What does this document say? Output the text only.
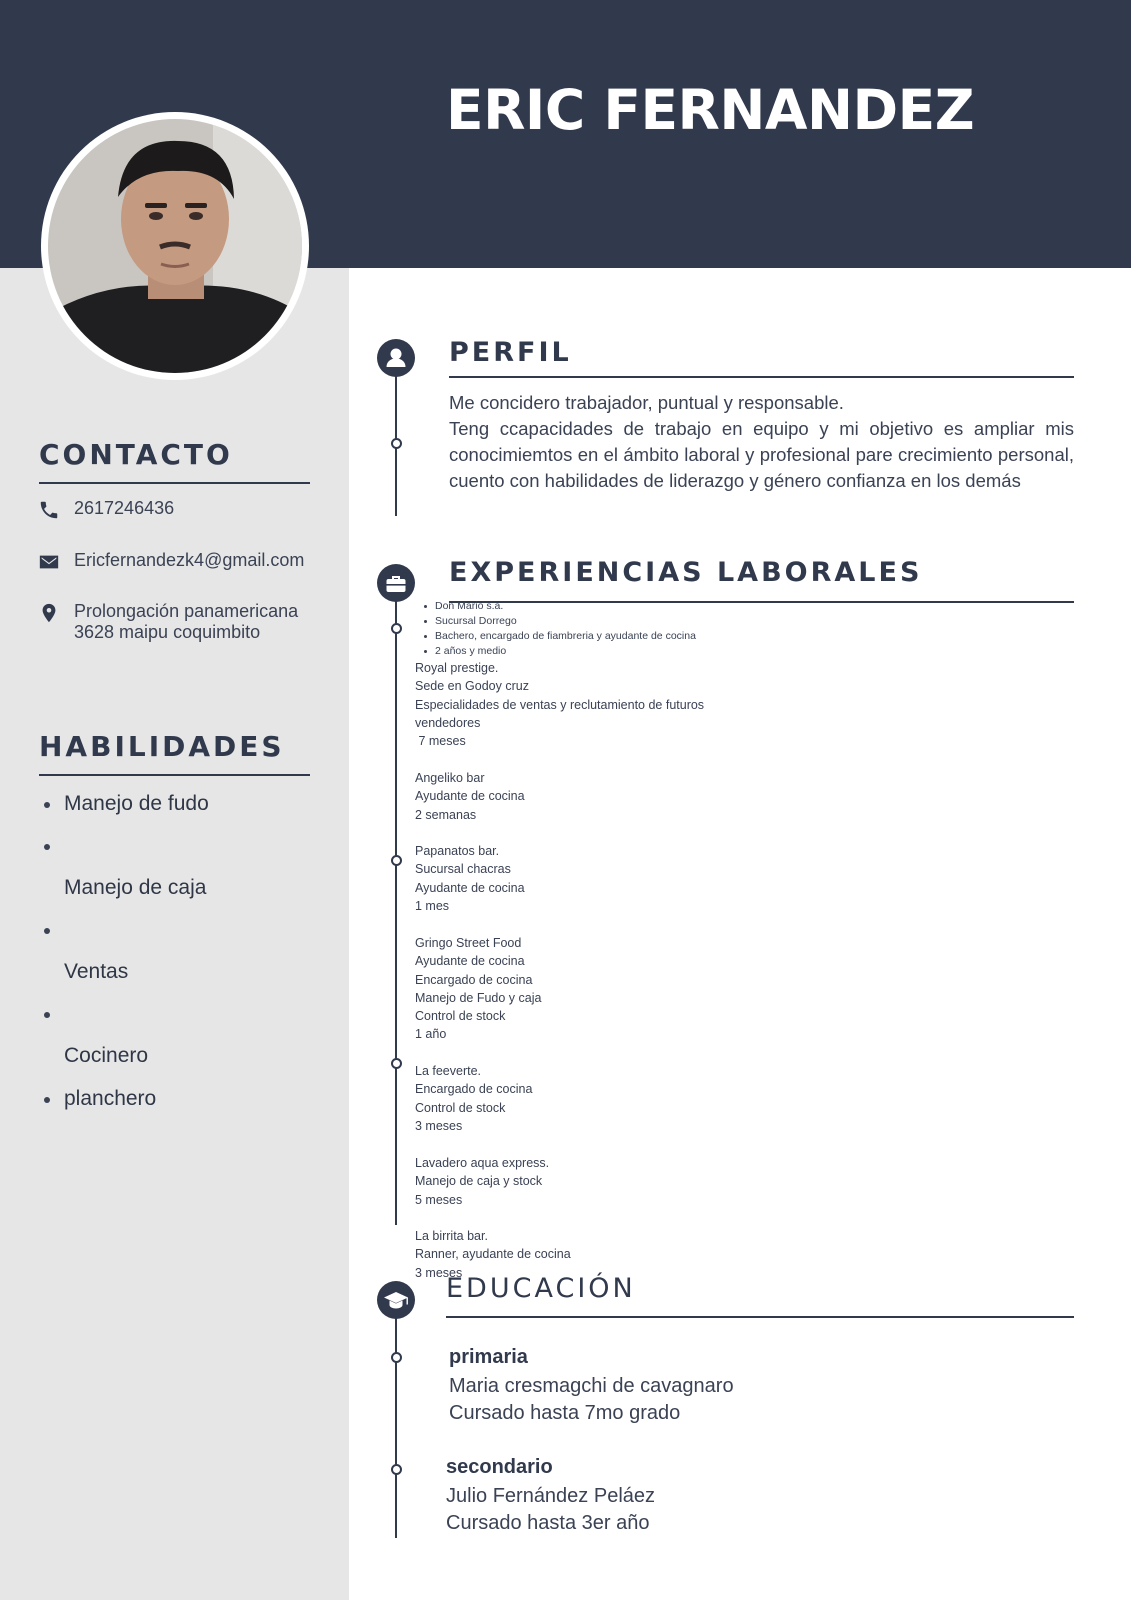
ERIC FERNANDEZ
CONTACTO
2617246436
Ericfernandezk4@gmail.com
Prolongación panamericana
3628 maipu coquimbito
HABILIDADES
Manejo de fudo
Manejo de caja
Ventas
Cocinero
planchero
PERFIL

Me concidero trabajador, puntual y responsable.
Teng ccapacidades de trabajo en equipo y mi objetivo es ampliar mis conocimiemtos en el ámbito laboral y profesional pare crecimiento personal, cuento con habilidades de liderazgo y género confianza en los demás

EXPERIENCIAS LABORALES
Don Mario s.a.
Sucursal Dorrego
Bachero, encargado de fiambreria y ayudante de cocina
2 años y medio
Royal prestige.
Sede en Godoy cruz
Especialidades de ventas y reclutamiento de futuros
vendedores
7 meses
Angeliko bar
Ayudante de cocina
2 semanas
Papanatos bar.
Sucursal chacras
Ayudante de cocina
1 mes
Gringo Street Food
Ayudante de cocina
Encargado de cocina
Manejo de Fudo y caja
Control de stock
1 año
La feeverte.
Encargado de cocina
Control de stock
3 meses
Lavadero aqua express.
Manejo de caja y stock
5 meses
La birrita bar.
Ranner, ayudante de cocina
3 meses
EDUCACIÓN

primaria

Maria cresmagchi de cavagnaro

Cursado hasta 7mo grado

secondario

Julio Fernández Peláez

Cursado hasta 3er año
